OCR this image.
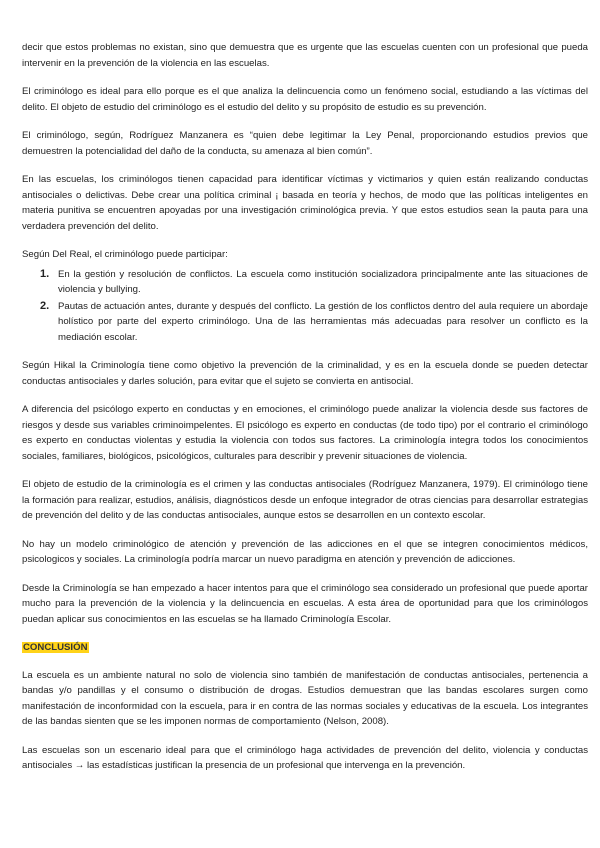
decir que estos problemas no existan, sino que demuestra que es urgente que las escuelas cuenten con un profesional que pueda intervenir en la prevención de la violencia en las escuelas.

El criminólogo es ideal para ello porque es el que analiza la delincuencia como un fenómeno social, estudiando a las víctimas del delito. El objeto de estudio del criminólogo es el estudio del delito y su propósito de estudio es su prevención.

El criminólogo, según, Rodríguez Manzanera es “quien debe legitimar la Ley Penal, proporcionando estudios previos que demuestren la potencialidad del daño de la conducta, su amenaza al bien común”.

En las escuelas, los criminólogos tienen capacidad para identificar víctimas y victimarios y quien están realizando conductas antisociales o delictivas. Debe crear una política criminal ¡ basada en teoría y hechos, de modo que las políticas inteligentes en materia punitiva se encuentren apoyadas por una investigación criminológica previa. Y que estos estudios sean la pauta para una verdadera prevención del delito.

Según Del Real, el criminólogo puede participar:

1. En la gestión y resolución de conflictos. La escuela como institución socializadora principalmente ante las situaciones de violencia y bullying.
2. Pautas de actuación antes, durante y después del conflicto. La gestión de los conflictos dentro del aula requiere un abordaje holístico por parte del experto criminólogo. Una de las herramientas más adecuadas para resolver un conflicto es la mediación escolar.

Según Hikal la Criminología tiene como objetivo la prevención de la criminalidad, y es en la escuela donde se pueden detectar conductas antisociales y darles solución, para evitar que el sujeto se convierta en antisocial.

A diferencia del psicólogo experto en conductas y en emociones, el criminólogo puede analizar la violencia desde sus factores de riesgos y desde sus variables criminoimpelentes. El psicólogo es experto en conductas (de todo tipo) por el contrario el criminólogo es experto en conductas violentas y estudia la violencia con todos sus factores. La criminología integra todos los conocimientos sociales, familiares, biológicos, psicológicos, culturales para describir y prevenir situaciones de violencia.

El objeto de estudio de la criminología es el crimen y las conductas antisociales (Rodríguez Manzanera, 1979). El criminólogo tiene la formación para realizar, estudios, análisis, diagnósticos desde un enfoque integrador de otras ciencias para desarrollar estrategias de prevención del delito y de las conductas antisociales, aunque estos se desarrollen en un contexto escolar.

No hay un modelo criminológico de atención y prevención de las adicciones en el que se integren conocimientos médicos, psicologicos y sociales. La criminología podría marcar un nuevo paradigma en atención y prevención de adicciones.

Desde la Criminología se han empezado a hacer intentos para que el criminólogo sea considerado un profesional que puede aportar mucho para la prevención de la violencia y la delincuencia en escuelas. A esta área de oportunidad para que los criminólogos puedan aplicar sus conocimientos en las escuelas se ha llamado Criminología Escolar.

CONCLUSIÓN

La escuela es un ambiente natural no solo de violencia sino también de manifestación de conductas antisociales, pertenencia a bandas y/o pandillas y el consumo o distribución de drogas. Estudios demuestran que las bandas escolares surgen como manifestación de inconformidad con la escuela, para ir en contra de las normas sociales y educativas de la escuela. Los integrantes de las bandas sienten que se les imponen normas de comportamiento (Nelson, 2008).

Las escuelas son un escenario ideal para que el criminólogo haga actividades de prevención del delito, violencia y conductas antisociales → las estadísticas justifican la presencia de un profesional que intervenga en la prevención.
